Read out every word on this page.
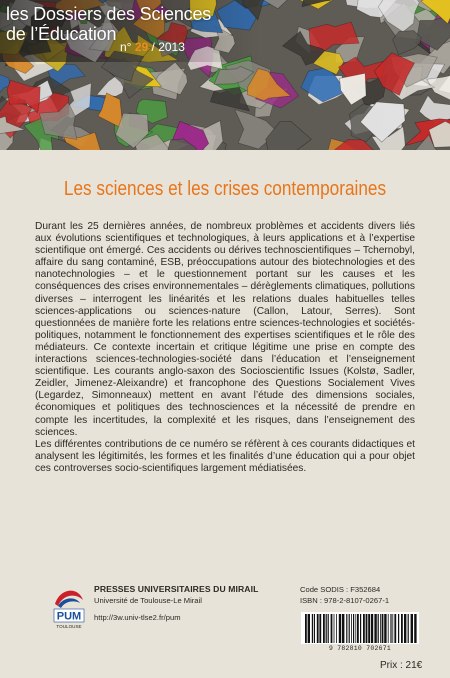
les Dossiers des Sciences
de l’Éducation
n° 29 / 2013
Les sciences et les crises contemporaines

Durant les 25 dernières années, de nombreux problèmes et accidents divers liés aux évolutions scientifiques et technologiques, à leurs applications et à l’expertise scientifique ont émergé. Ces accidents ou dérives technoscientifiques – Tchernobyl, affaire du sang contaminé, ESB, préoccupations autour des biotechnologies et des nanotechnologies – et le questionnement portant sur les causes et les conséquences des crises environnementales – dérèglements climatiques, pollutions diverses – interrogent les linéarités et les relations duales habituelles telles sciences-applications ou sciences-nature (Callon, Latour, Serres). Sont questionnées de manière forte les relations entre sciences-technologies et sociétés-politiques, notamment le fonctionnement des expertises scientifiques et le rôle des médiateurs. Ce contexte incertain et critique légitime une prise en compte des interactions sciences-technologies-société dans l’éducation et l’enseignement scientifique. Les courants anglo-saxon des Socioscientific Issues (Kolstø, Sadler, Zeidler, Jimenez-Aleixandre) et francophone des Questions Socialement Vives (Legardez, Simonneaux) mettent en avant l’étude des dimensions sociales, économiques et politiques des technosciences et la nécessité de prendre en compte les incertitudes, la complexité et les risques, dans l’enseignement des sciences.

Les différentes contributions de ce numéro se réfèrent à ces courants didactiques et analysent les légitimités, les formes et les finalités d’une éducation qui a pour objet ces controverses socio-scientifiques largement médiatisées.

PUM
TOULOUSE
PRESSES UNIVERSITAIRES DU MIRAIL
Université de Toulouse-Le Mirail
http://3w.univ-tlse2.fr/pum
Code SODIS : F352684
ISBN : 978-2-8107-0267-1
9 782810 702671
Prix : 21€
